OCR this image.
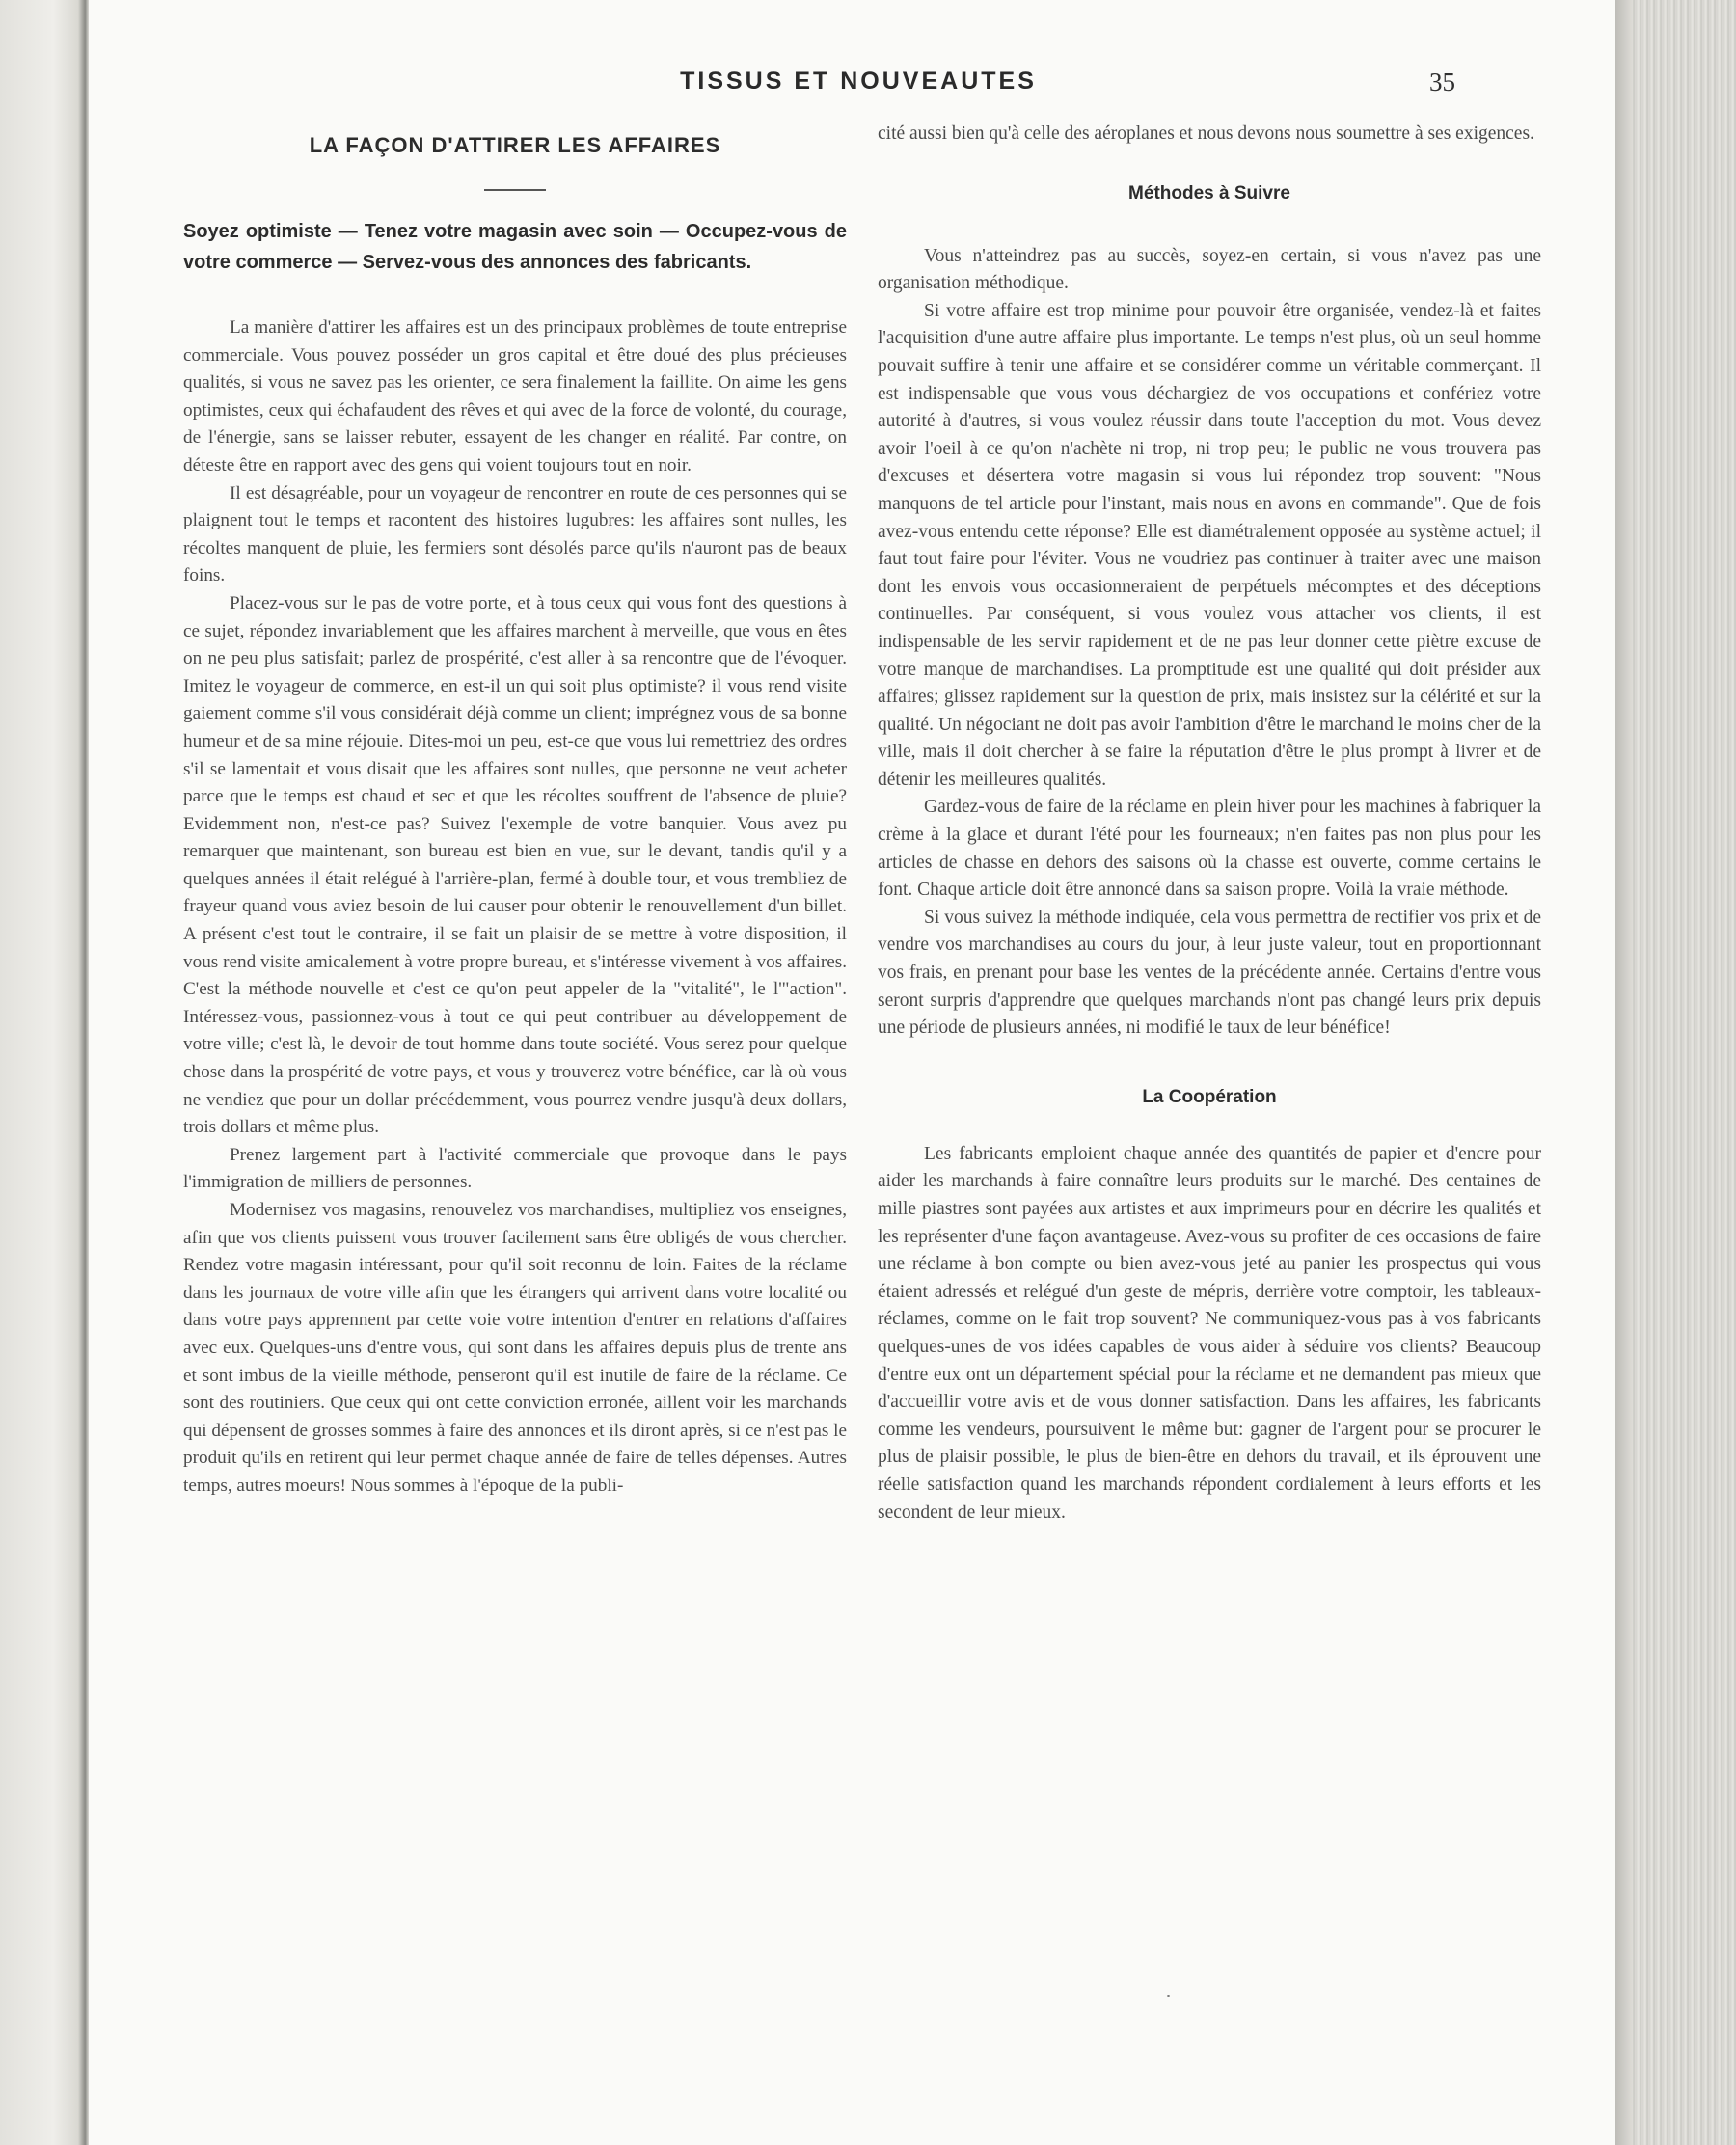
TISSUS ET NOUVEAUTES	35
LA FAÇON D'ATTIRER LES AFFAIRES
Soyez optimiste — Tenez votre magasin avec soin — Occupez-vous de votre commerce — Servez-vous des annonces des fabricants.

La manière d'attirer les affaires est un des principaux problèmes de toute entreprise commerciale. Vous pouvez posséder un gros capital et être doué des plus précieuses qualités, si vous ne savez pas les orienter, ce sera finalement la faillite. On aime les gens optimistes, ceux qui échafaudent des rêves et qui avec de la force de volonté, du courage, de l'énergie, sans se laisser rebuter, essayent de les changer en réalité. Par contre, on déteste être en rapport avec des gens qui voient toujours tout en noir.

Il est désagréable, pour un voyageur de rencontrer en route de ces personnes qui se plaignent tout le temps et racontent des histoires lugubres: les affaires sont nulles, les récoltes manquent de pluie, les fermiers sont désolés parce qu'ils n'auront pas de beaux foins.

Placez-vous sur le pas de votre porte, et à tous ceux qui vous font des questions à ce sujet, répondez invariablement que les affaires marchent à merveille, que vous en êtes on ne peu plus satisfait; parlez de prospérité, c'est aller à sa rencontre que de l'évoquer. Imitez le voyageur de commerce, en est-il un qui soit plus optimiste? il vous rend visite gaiement comme s'il vous considérait déjà comme un client; imprégnez vous de sa bonne humeur et de sa mine réjouie. Dites-moi un peu, est-ce que vous lui remettriez des ordres s'il se lamentait et vous disait que les affaires sont nulles, que personne ne veut acheter parce que le temps est chaud et sec et que les récoltes souffrent de l'absence de pluie? Evidemment non, n'est-ce pas? Suivez l'exemple de votre banquier. Vous avez pu remarquer que maintenant, son bureau est bien en vue, sur le devant, tandis qu'il y a quelques années il était relégué à l'arrière-plan, fermé à double tour, et vous trembliez de frayeur quand vous aviez besoin de lui causer pour obtenir le renouvellement d'un billet. A présent c'est tout le contraire, il se fait un plaisir de se mettre à votre disposition, il vous rend visite amicalement à votre propre bureau, et s'intéresse vivement à vos affaires. C'est la méthode nouvelle et c'est ce qu'on peut appeler de la "vitalité", le l'"action". Intéressez-vous, passionnez-vous à tout ce qui peut contribuer au développement de votre ville; c'est là, le devoir de tout homme dans toute société. Vous serez pour quelque chose dans la prospérité de votre pays, et vous y trouverez votre bénéfice, car là où vous ne vendiez que pour un dollar précédemment, vous pourrez vendre jusqu'à deux dollars, trois dollars et même plus.

Prenez largement part à l'activité commerciale que provoque dans le pays l'immigration de milliers de personnes.

Modernisez vos magasins, renouvelez vos marchandises, multipliez vos enseignes, afin que vos clients puissent vous trouver facilement sans être obligés de vous chercher. Rendez votre magasin intéressant, pour qu'il soit reconnu de loin. Faites de la réclame dans les journaux de votre ville afin que les étrangers qui arrivent dans votre localité ou dans votre pays apprennent par cette voie votre intention d'entrer en relations d'affaires avec eux. Quelques-uns d'entre vous, qui sont dans les affaires depuis plus de trente ans et sont imbus de la vieille méthode, penseront qu'il est inutile de faire de la réclame. Ce sont des routiniers. Que ceux qui ont cette conviction erronée, aillent voir les marchands qui dépensent de grosses sommes à faire des annonces et ils diront après, si ce n'est pas le produit qu'ils en retirent qui leur permet chaque année de faire de telles dépenses. Autres temps, autres moeurs! Nous sommes à l'époque de la publi-

cité aussi bien qu'à celle des aéroplanes et nous devons nous soumettre à ses exigences.

Méthodes à Suivre

Vous n'atteindrez pas au succès, soyez-en certain, si vous n'avez pas une organisation méthodique.

Si votre affaire est trop minime pour pouvoir être organisée, vendez-là et faites l'acquisition d'une autre affaire plus importante. Le temps n'est plus, où un seul homme pouvait suffire à tenir une affaire et se considérer comme un véritable commerçant. Il est indispensable que vous vous déchargiez de vos occupations et confériez votre autorité à d'autres, si vous voulez réussir dans toute l'acception du mot. Vous devez avoir l'oeil à ce qu'on n'achète ni trop, ni trop peu; le public ne vous trouvera pas d'excuses et désertera votre magasin si vous lui répondez trop souvent: "Nous manquons de tel article pour l'instant, mais nous en avons en commande". Que de fois avez-vous entendu cette réponse? Elle est diamétralement opposée au système actuel; il faut tout faire pour l'éviter. Vous ne voudriez pas continuer à traiter avec une maison dont les envois vous occasionneraient de perpétuels mécomptes et des déceptions continuelles. Par conséquent, si vous voulez vous attacher vos clients, il est indispensable de les servir rapidement et de ne pas leur donner cette piètre excuse de votre manque de marchandises. La promptitude est une qualité qui doit présider aux affaires; glissez rapidement sur la question de prix, mais insistez sur la célérité et sur la qualité. Un négociant ne doit pas avoir l'ambition d'être le marchand le moins cher de la ville, mais il doit chercher à se faire la réputation d'être le plus prompt à livrer et de détenir les meilleures qualités.

Gardez-vous de faire de la réclame en plein hiver pour les machines à fabriquer la crème à la glace et durant l'été pour les fourneaux; n'en faites pas non plus pour les articles de chasse en dehors des saisons où la chasse est ouverte, comme certains le font. Chaque article doit être annoncé dans sa saison propre. Voilà la vraie méthode.

Si vous suivez la méthode indiquée, cela vous permettra de rectifier vos prix et de vendre vos marchandises au cours du jour, à leur juste valeur, tout en proportionnant vos frais, en prenant pour base les ventes de la précédente année. Certains d'entre vous seront surpris d'apprendre que quelques marchands n'ont pas changé leurs prix depuis une période de plusieurs années, ni modifié le taux de leur bénéfice!

La Coopération

Les fabricants emploient chaque année des quantités de papier et d'encre pour aider les marchands à faire connaître leurs produits sur le marché. Des centaines de mille piastres sont payées aux artistes et aux imprimeurs pour en décrire les qualités et les représenter d'une façon avantageuse. Avez-vous su profiter de ces occasions de faire une réclame à bon compte ou bien avez-vous jeté au panier les prospectus qui vous étaient adressés et relégué d'un geste de mépris, derrière votre comptoir, les tableaux-réclames, comme on le fait trop souvent? Ne communiquez-vous pas à vos fabricants quelques-unes de vos idées capables de vous aider à séduire vos clients? Beaucoup d'entre eux ont un département spécial pour la réclame et ne demandent pas mieux que d'accueillir votre avis et de vous donner satisfaction. Dans les affaires, les fabricants comme les vendeurs, poursuivent le même but: gagner de l'argent pour se procurer le plus de plaisir possible, le plus de bien-être en dehors du travail, et ils éprouvent une réelle satisfaction quand les marchands répondent cordialement à leurs efforts et les secondent de leur mieux.
